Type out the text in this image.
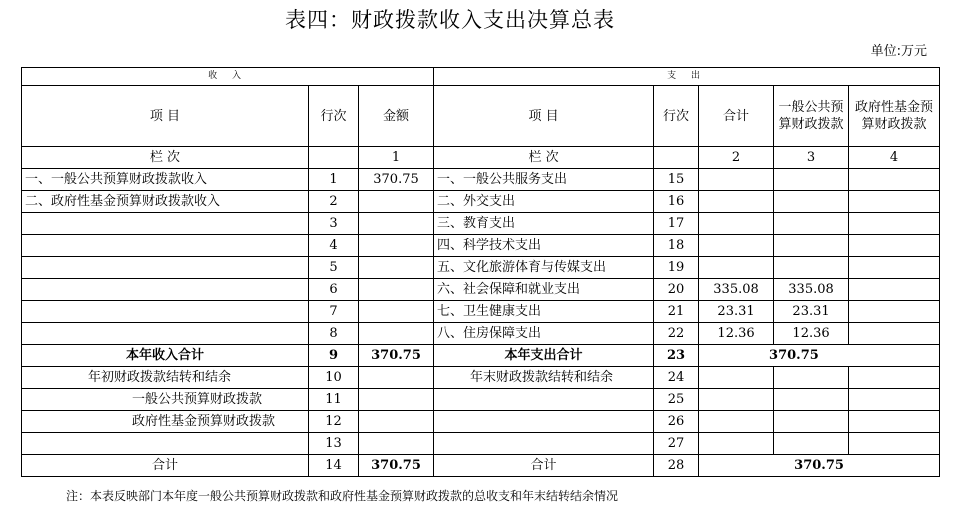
表四：财政拨款收入支出决算总表
单位:万元
收 入			支 出				
项 目	行次	金额	项 目	行次	合计	一般公共预算财政拨款	政府性基金预算财政拨款
栏 次		1	栏 次		2	3	4
一、一般公共预算财政拨款收入	1	370.75	一、一般公共服务支出	15			
二、政府性基金预算财政拨款收入	2		二、外交支出	16			
	3		三、教育支出	17			
	4		四、科学技术支出	18			
	5		五、文化旅游体育与传媒支出	19			
	6		六、社会保障和就业支出	20	335.08	335.08	
	7		七、卫生健康支出	21	23.31	23.31	
	8		八、住房保障支出	22	12.36	12.36	
本年收入合计	9	370.75	本年支出合计	23	370.75		
年初财政拨款结转和结余	10		年末财政拨款结转和结余	24			
一般公共预算财政拨款	11			25			
政府性基金预算财政拨款	12			26			
	13			27			
合计	14	370.75	合计	28	370.75		
注：本表反映部门本年度一般公共预算财政拨款和政府性基金预算财政拨款的总收支和年末结转结余情况
